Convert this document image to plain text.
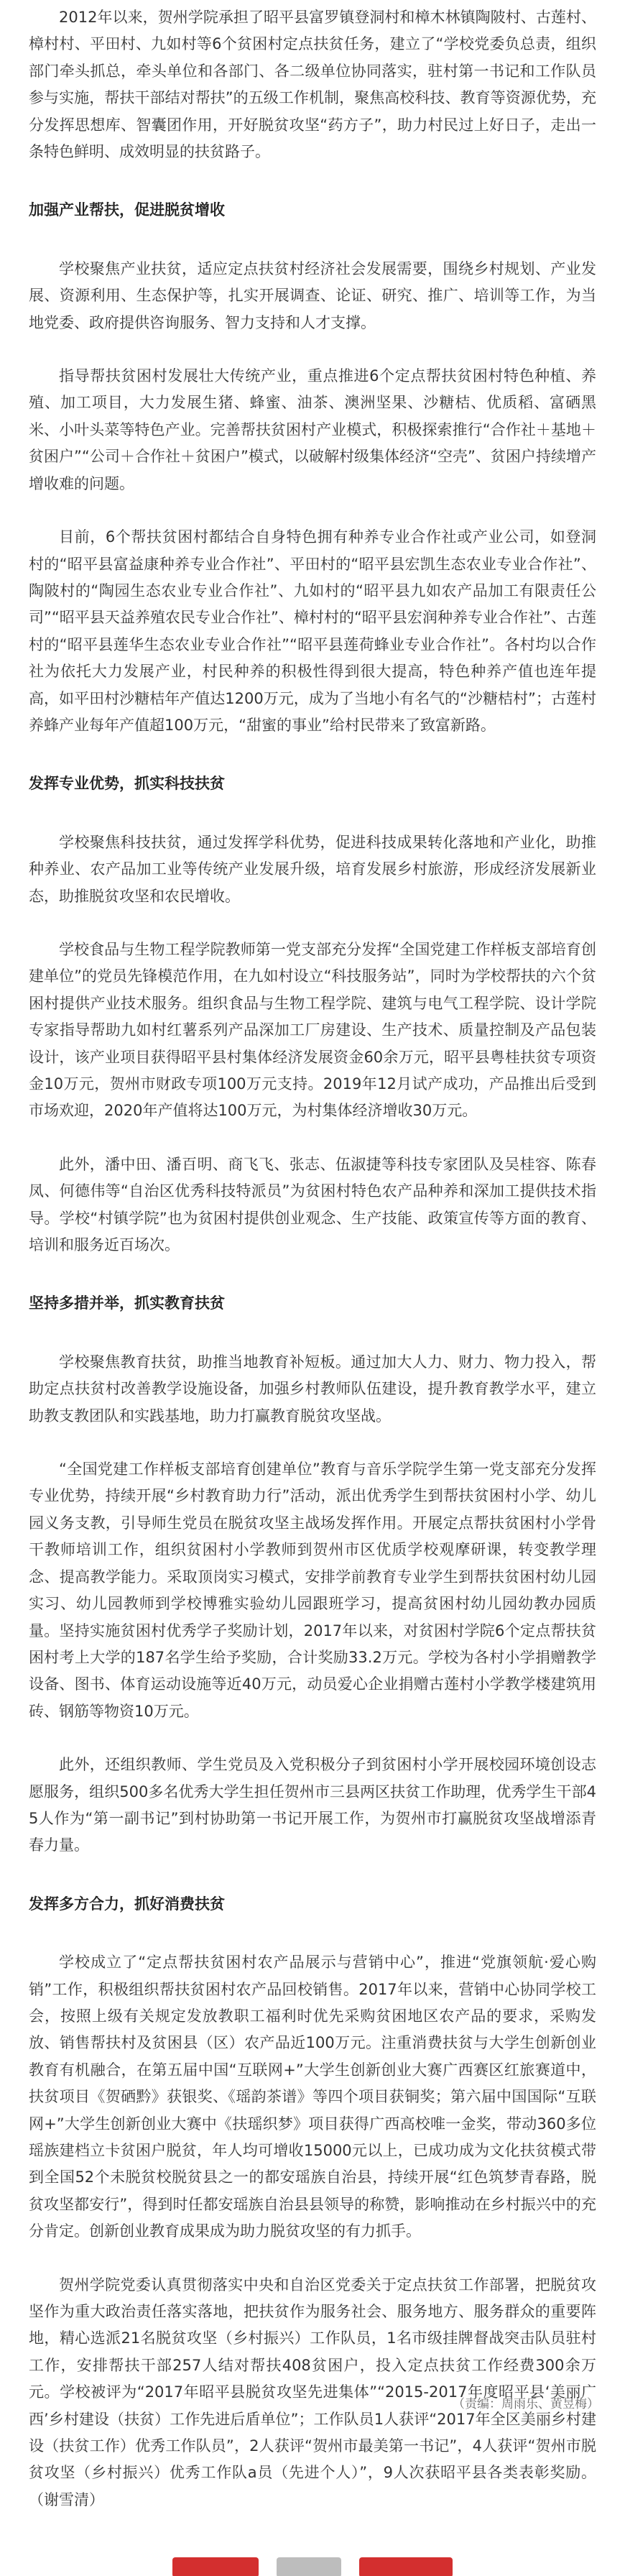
2012年以来，贺州学院承担了昭平县富罗镇登洞村和樟木林镇陶陂村、古莲村、樟村村、平田村、九如村等6个贫困村定点扶贫任务，建立了“学校党委负总责，组织部门牵头抓总，牵头单位和各部门、各二级单位协同落实，驻村第一书记和工作队员参与实施，帮扶干部结对帮扶”的五级工作机制，聚焦高校科技、教育等资源优势，充分发挥思想库、智囊团作用，开好脱贫攻坚“药方子”，助力村民过上好日子，走出一条特色鲜明、成效明显的扶贫路子。

加强产业帮扶，促进脱贫增收

学校聚焦产业扶贫，适应定点扶贫村经济社会发展需要，围绕乡村规划、产业发展、资源利用、生态保护等，扎实开展调查、论证、研究、推广、培训等工作，为当地党委、政府提供咨询服务、智力支持和人才支撑。

指导帮扶贫困村发展壮大传统产业，重点推进6个定点帮扶贫困村特色种植、养殖、加工项目，大力发展生猪、蜂蜜、油茶、澳洲坚果、沙糖桔、优质稻、富硒黑米、小叶头菜等特色产业。完善帮扶贫困村产业模式，积极探索推行“合作社＋基地＋贫困户”“公司＋合作社＋贫困户”模式，以破解村级集体经济“空壳”、贫困户持续增产增收难的问题。

目前，6个帮扶贫困村都结合自身特色拥有种养专业合作社或产业公司，如登洞村的“昭平县富益康种养专业合作社”、平田村的“昭平县宏凯生态农业专业合作社”、陶陂村的“陶园生态农业专业合作社”、九如村的“昭平县九如农产品加工有限责任公司”“昭平县天益养殖农民专业合作社”、樟村村的“昭平县宏润种养专业合作社”、古莲村的“昭平县莲华生态农业专业合作社”“昭平县莲荷蜂业专业合作社”。各村均以合作社为依托大力发展产业，村民种养的积极性得到很大提高，特色种养产值也连年提高，如平田村沙糖桔年产值达1200万元，成为了当地小有名气的“沙糖桔村”；古莲村养蜂产业每年产值超100万元，“甜蜜的事业”给村民带来了致富新路。

发挥专业优势，抓实科技扶贫

学校聚焦科技扶贫，通过发挥学科优势，促进科技成果转化落地和产业化，助推种养业、农产品加工业等传统产业发展升级，培育发展乡村旅游，形成经济发展新业态，助推脱贫攻坚和农民增收。

学校食品与生物工程学院教师第一党支部充分发挥“全国党建工作样板支部培育创建单位”的党员先锋模范作用，在九如村设立“科技服务站”，同时为学校帮扶的六个贫困村提供产业技术服务。组织食品与生物工程学院、建筑与电气工程学院、设计学院专家指导帮助九如村红薯系列产品深加工厂房建设、生产技术、质量控制及产品包装设计，该产业项目获得昭平县村集体经济发展资金60余万元，昭平县粤桂扶贫专项资金10万元，贺州市财政专项100万元支持。2019年12月试产成功，产品推出后受到市场欢迎，2020年产值将达100万元，为村集体经济增收30万元。

此外，潘中田、潘百明、商飞飞、张志、伍淑捷等科技专家团队及吴桂容、陈春凤、何德伟等“自治区优秀科技特派员”为贫困村特色农产品种养和深加工提供技术指导。学校“村镇学院”也为贫困村提供创业观念、生产技能、政策宣传等方面的教育、培训和服务近百场次。

坚持多措并举，抓实教育扶贫

学校聚焦教育扶贫，助推当地教育补短板。通过加大人力、财力、物力投入，帮助定点扶贫村改善教学设施设备，加强乡村教师队伍建设，提升教育教学水平，建立助教支教团队和实践基地，助力打赢教育脱贫攻坚战。

“全国党建工作样板支部培育创建单位”教育与音乐学院学生第一党支部充分发挥专业优势，持续开展“乡村教育助力行”活动，派出优秀学生到帮扶贫困村小学、幼儿园义务支教，引导师生党员在脱贫攻坚主战场发挥作用。开展定点帮扶贫困村小学骨干教师培训工作，组织贫困村小学教师到贺州市区优质学校观摩研课，转变教学理念、提高教学能力。采取顶岗实习模式，安排学前教育专业学生到帮扶贫困村幼儿园实习、幼儿园教师到学校博雅实验幼儿园跟班学习，提高贫困村幼儿园幼教办园质量。坚持实施贫困村优秀学子奖励计划，2017年以来，对贫困村学院6个定点帮扶贫困村考上大学的187名学生给予奖励，合计奖励33.2万元。学校为各村小学捐赠教学设备、图书、体育运动设施等近40万元，动员爱心企业捐赠古莲村小学教学楼建筑用砖、钢筋等物资10万元。

此外，还组织教师、学生党员及入党积极分子到贫困村小学开展校园环境创设志愿服务，组织500多名优秀大学生担任贺州市三县两区扶贫工作助理，优秀学生干部45人作为“第一副书记”到村协助第一书记开展工作，为贺州市打赢脱贫攻坚战增添青春力量。

发挥多方合力，抓好消费扶贫

学校成立了“定点帮扶贫困村农产品展示与营销中心”，推进“党旗领航·爱心购销”工作，积极组织帮扶贫困村农产品回校销售。2017年以来，营销中心协同学校工会，按照上级有关规定发放教职工福利时优先采购贫困地区农产品的要求，采购发放、销售帮扶村及贫困县（区）农产品近100万元。注重消费扶贫与大学生创新创业教育有机融合，在第五届中国“互联网+”大学生创新创业大赛广西赛区红旅赛道中，扶贫项目《贺硒黔》获银奖、《瑶韵茶谱》等四个项目获铜奖；第六届中国国际“互联网+”大学生创新创业大赛中《扶瑶织梦》项目获得广西高校唯一金奖，带动360多位瑶族建档立卡贫困户脱贫，年人均可增收15000元以上，已成功成为文化扶贫模式带到全国52个未脱贫校脱贫县之一的都安瑶族自治县，持续开展“红色筑梦青春路，脱贫攻坚都安行”，得到时任都安瑶族自治县县领导的称赞，影响推动在乡村振兴中的充分肯定。创新创业教育成果成为助力脱贫攻坚的有力抓手。

贺州学院党委认真贯彻落实中央和自治区党委关于定点扶贫工作部署，把脱贫攻坚作为重大政治责任落实落地，把扶贫作为服务社会、服务地方、服务群众的重要阵地，精心选派21名脱贫攻坚（乡村振兴）工作队员，1名市级挂牌督战突击队员驻村工作，安排帮扶干部257人结对帮扶408贫困户，投入定点扶贫工作经费300余万元。学校被评为“2017年昭平县脱贫攻坚先进集体”“2015-2017年度昭平县‘美丽广西’乡村建设（扶贫）工作先进后盾单位”；工作队员1人获评“2017年全区美丽乡村建设（扶贫工作）优秀工作队员”，2人获评“贺州市最美第一书记”，4人获评“贺州市脱贫攻坚（乡村振兴）优秀工作队a员（先进个人）”，9人次获昭平县各类表彰奖励。（谢雪清）

（责编：周雨乐、黄昱梅）
